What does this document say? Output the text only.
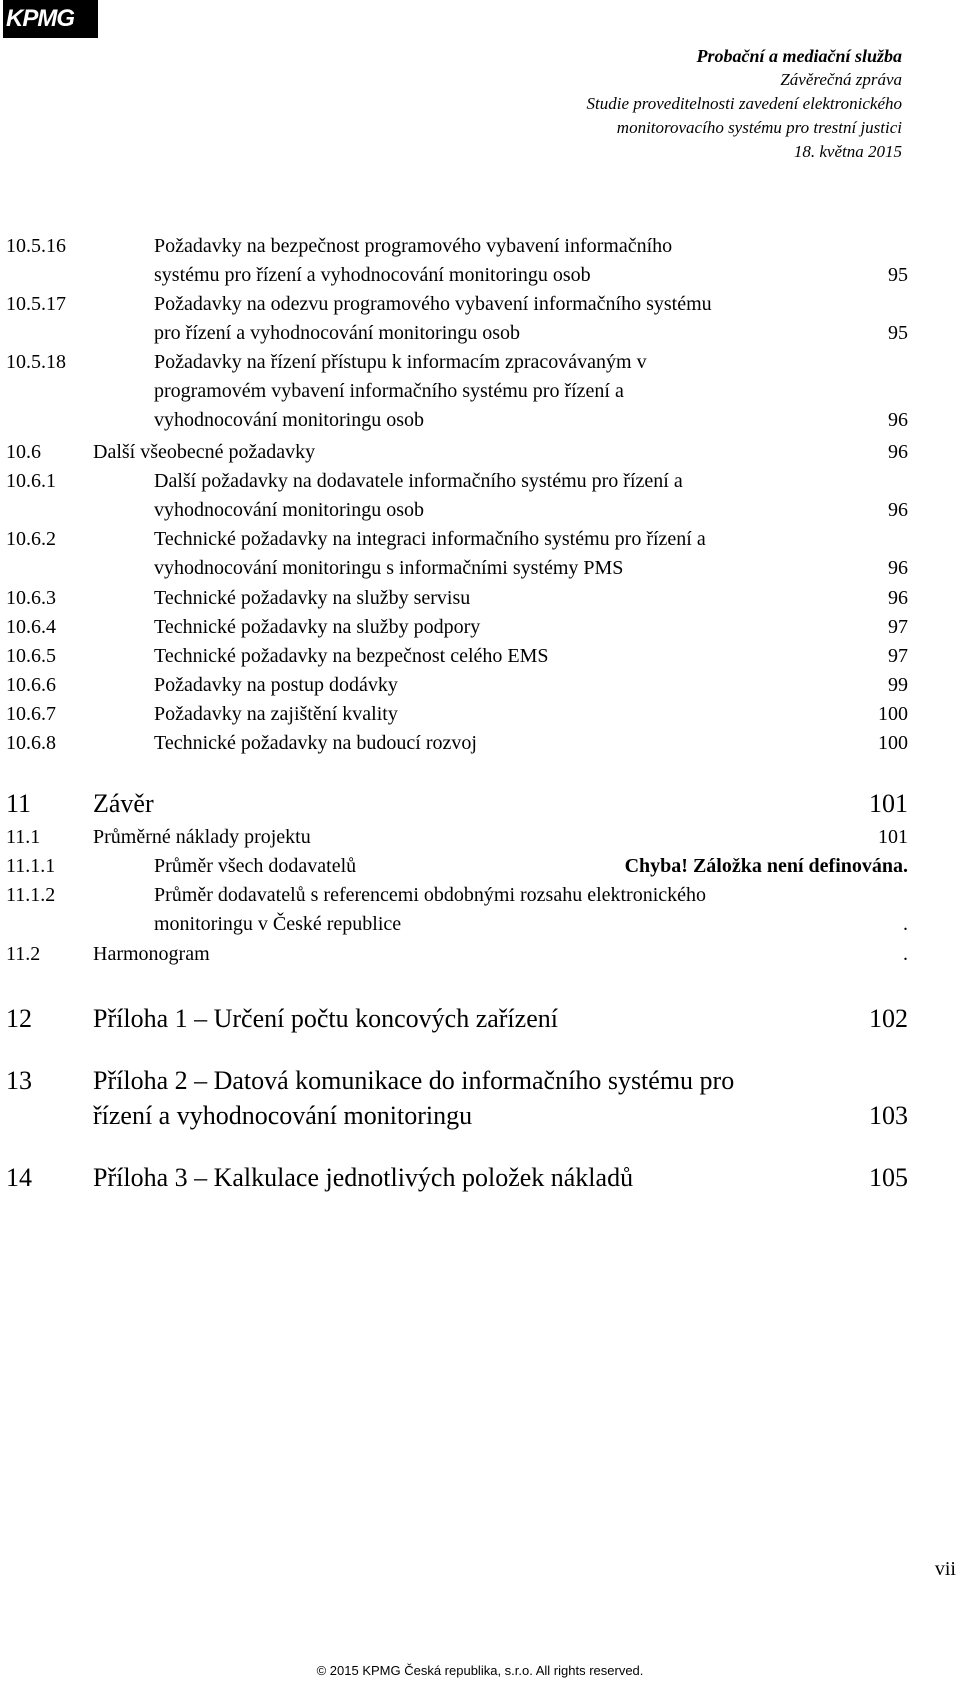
KPMG
Probační a mediační služba
Závěrečná zpráva
Studie proveditelnosti zavedení elektronického
monitorovacího systému pro trestní justici
18. května 2015
10.5.16	Požadavky na bezpečnost programového vybavení informačního
systému pro řízení a vyhodnocování monitoringu osob	95
10.5.17	Požadavky na odezvu programového vybavení informačního systému
pro řízení a vyhodnocování monitoringu osob	95
10.5.18	Požadavky na řízení přístupu k informacím zpracovávaným v
programovém vybavení informačního systému pro řízení a
vyhodnocování monitoringu osob	96
10.6	Další všeobecné požadavky	96
10.6.1	Další požadavky na dodavatele informačního systému pro řízení a
vyhodnocování monitoringu osob	96
10.6.2	Technické požadavky na integraci informačního systému pro řízení a
vyhodnocování monitoringu s informačními systémy PMS	96
10.6.3	Technické požadavky na služby servisu	96
10.6.4	Technické požadavky na služby podpory	97
10.6.5	Technické požadavky na bezpečnost celého EMS	97
10.6.6	Požadavky na postup dodávky	99
10.6.7	Požadavky na zajištění kvality	100
10.6.8	Technické požadavky na budoucí rozvoj	100
11 Závěr	101
11.1	Průměrné náklady projektu	101
11.1.1	Průměr všech dodavatelů	Chyba! Záložka není definována.
11.1.2	Průměr dodavatelů s referencemi obdobnými rozsahu elektronického
monitoringu v České republice	.
11.2	Harmonogram	.
12 Příloha 1 – Určení počtu koncových zařízení	102
13 Příloha 2 – Datová komunikace do informačního systému pro
řízení a vyhodnocování monitoringu	103
14 Příloha 3 – Kalkulace jednotlivých položek nákladů	105
vii
© 2015 KPMG Česká republika, s.r.o. All rights reserved.
